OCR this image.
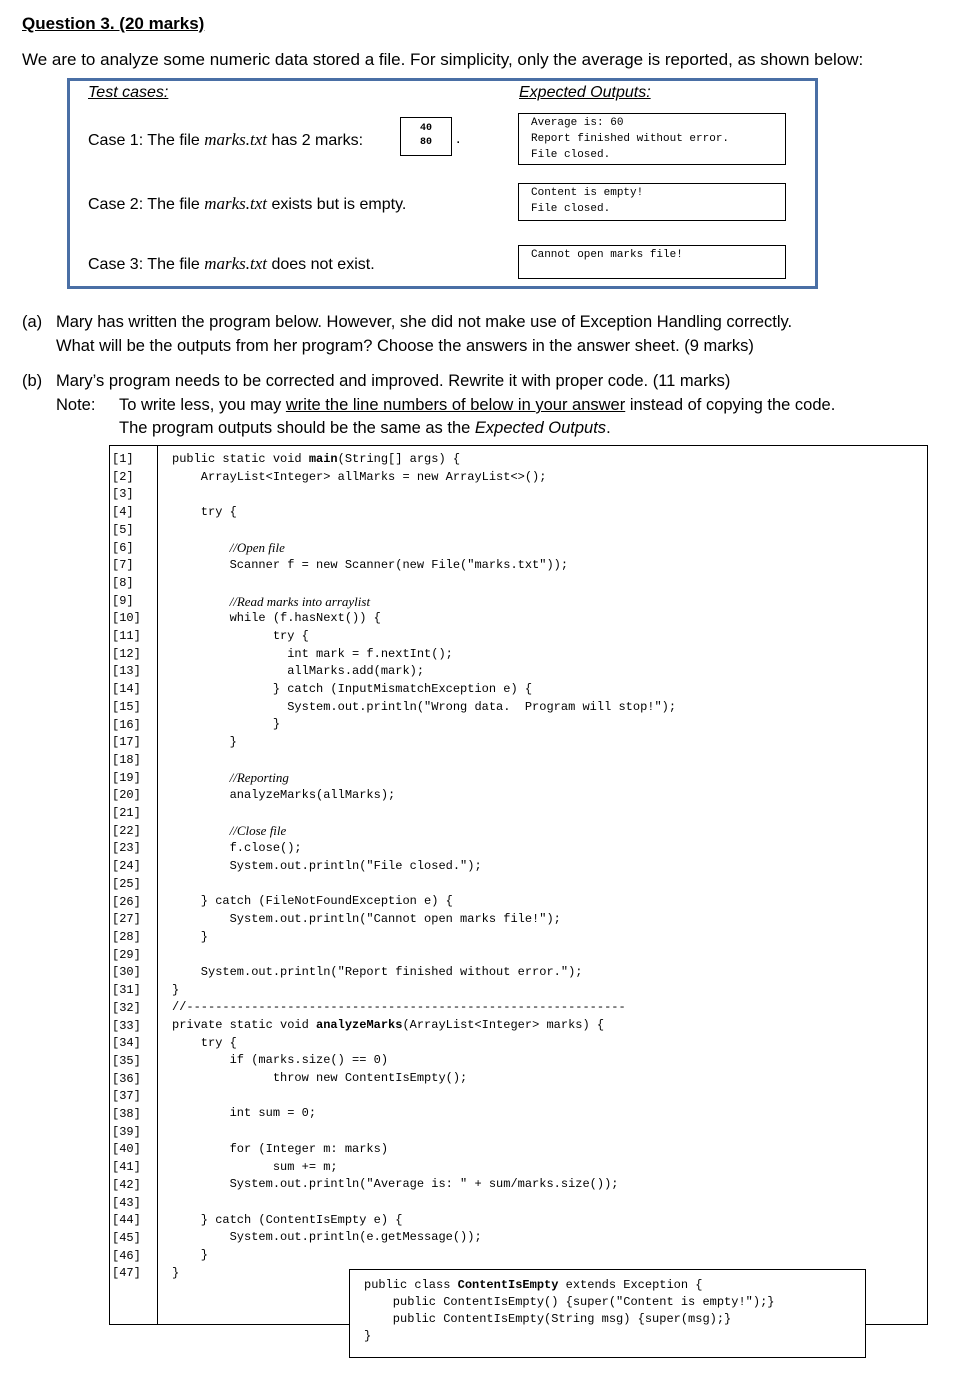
Question 3. (20 marks)
We are to analyze some numeric data stored a file. For simplicity, only the average is reported, as shown below:
Test cases:	Expected Outputs:
Case 1: The file marks.txt has 2 marks:
40
80	.
Case 2: The file marks.txt exists but is empty.
Case 3: The file marks.txt does not exist.
Average is: 60
Report finished without error.
File closed.
Content is empty!
File closed.
Cannot open marks file!
(a) Mary has written the program below. However, she did not make use of Exception Handling correctly.
What will be the outputs from her program? Choose the answers in the answer sheet. (9 marks)
(b) Mary’s program needs to be corrected and improved. Rewrite it with proper code. (11 marks)
Note: To write less, you may write the line numbers of below in your answer instead of copying the code.
The program outputs should be the same as the Expected Outputs.
[1]
[2]
[3]
[4]
[5]
[6]
[7]
[8]
[9]
[10]
[11]
[12]
[13]
[14]
[15]
[16]
[17]
[18]
[19]
[20]
[21]
[22]
[23]
[24]
[25]
[26]
[27]
[28]
[29]
[30]
[31]
[32]
[33]
[34]
[35]
[36]
[37]
[38]
[39]
[40]
[41]
[42]
[43]
[44]
[45]
[46]
[47]
public static void main(String[] args) {
ArrayList<Integer> allMarks = new ArrayList<>();
try {
//Open file
Scanner f = new Scanner(new File("marks.txt"));
//Read marks into arraylist
while (f.hasNext()) {
try {
int mark = f.nextInt();
allMarks.add(mark);
} catch (InputMismatchException e) {
System.out.println("Wrong data.  Program will stop!");
}
}
//Reporting
analyzeMarks(allMarks);
//Close file
f.close();
System.out.println("File closed.");
} catch (FileNotFoundException e) {
System.out.println("Cannot open marks file!");
}
System.out.println("Report finished without error.");
}
//-------------------------------------------------------------
private static void analyzeMarks(ArrayList<Integer> marks) {
try {
if (marks.size() == 0)
throw new ContentIsEmpty();
int sum = 0;
for (Integer m: marks)
sum += m;
System.out.println("Average is: " + sum/marks.size());
} catch (ContentIsEmpty e) {
System.out.println(e.getMessage());
}
}
public class ContentIsEmpty extends Exception {
public ContentIsEmpty() {super("Content is empty!");}
public ContentIsEmpty(String msg) {super(msg);}
}
